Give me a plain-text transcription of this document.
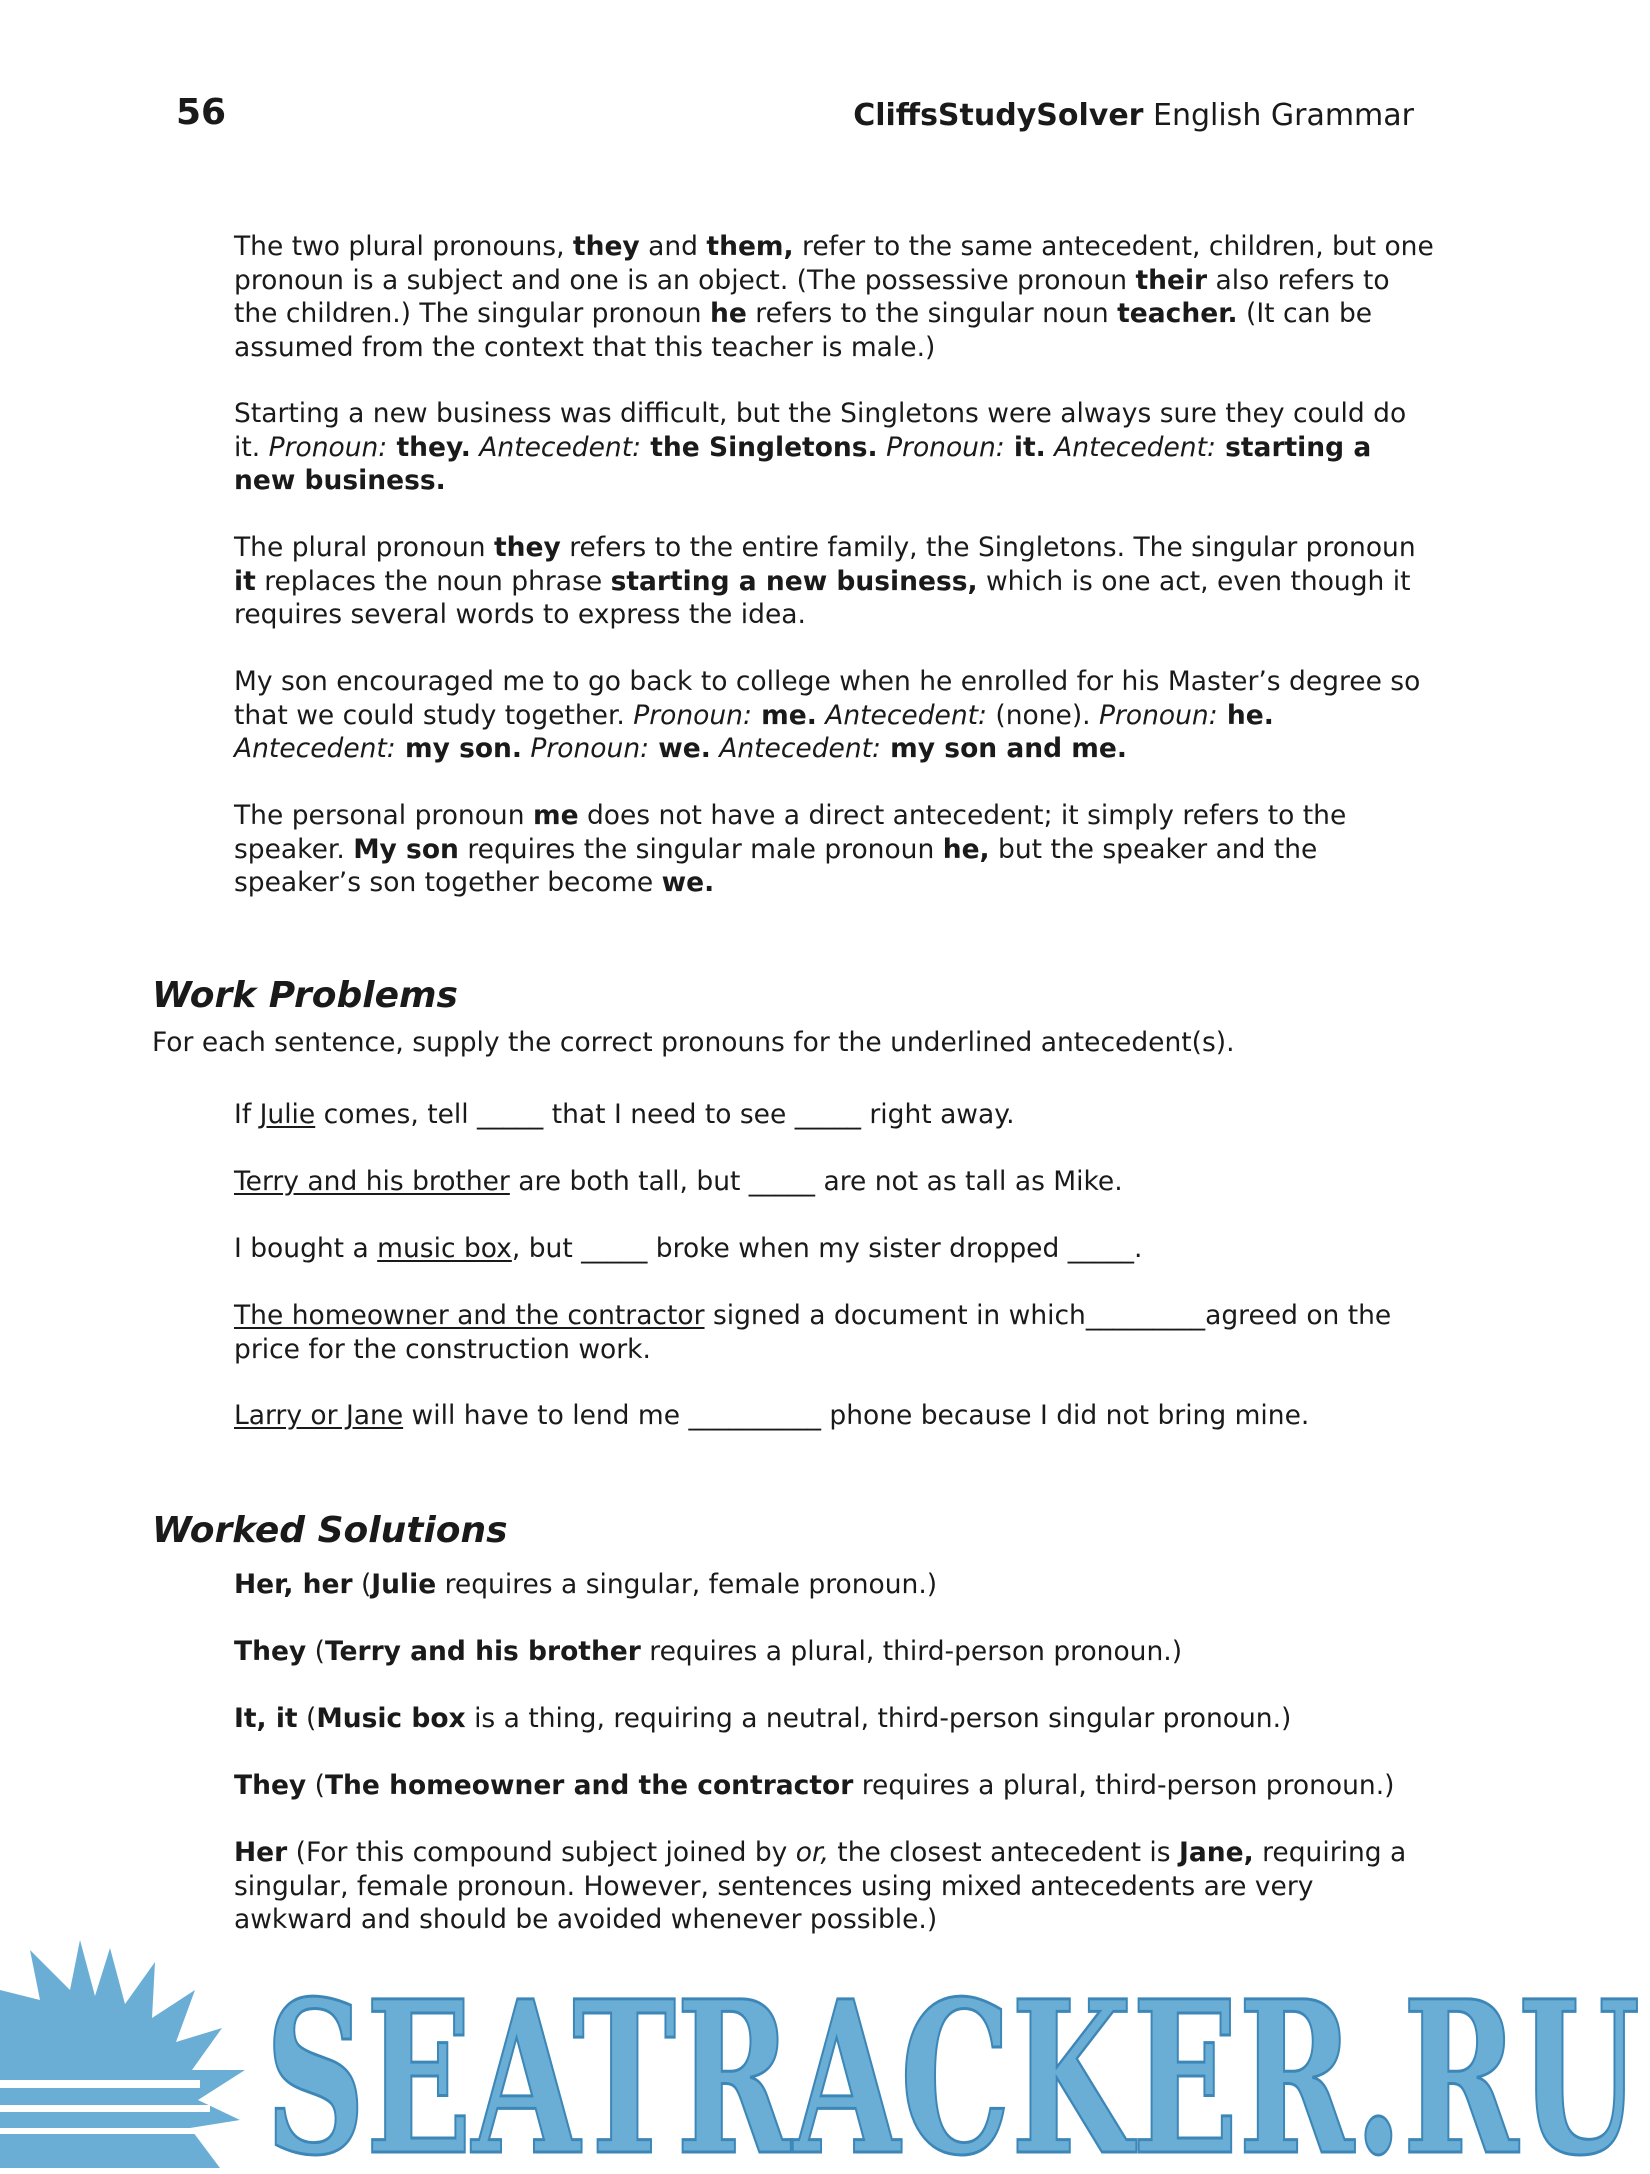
56	CliffsStudySolver English Grammar

The two plural pronouns, they and them, refer to the same antecedent, children, but one pronoun is a subject and one is an object. (The possessive pronoun their also refers to the children.) The singular pronoun he refers to the singular noun teacher. (It can be assumed from the context that this teacher is male.)

Starting a new business was difficult, but the Singletons were always sure they could do it. Pronoun: they. Antecedent: the Singletons. Pronoun: it. Antecedent: starting a new business.

The plural pronoun they refers to the entire family, the Singletons. The singular pronoun it replaces the noun phrase starting a new business, which is one act, even though it requires several words to express the idea.

My son encouraged me to go back to college when he enrolled for his Master’s degree so that we could study together. Pronoun: me. Antecedent: (none). Pronoun: he. Antecedent: my son. Pronoun: we. Antecedent: my son and me.

The personal pronoun me does not have a direct antecedent; it simply refers to the speaker. My son requires the singular male pronoun he, but the speaker and the speaker’s son together become we.

Work Problems
For each sentence, supply the correct pronouns for the underlined antecedent(s).

If Julie comes, tell _____ that I need to see _____ right away.

Terry and his brother are both tall, but _____ are not as tall as Mike.

I bought a music box, but _____ broke when my sister dropped _____.

The homeowner and the contractor signed a document in which_________agreed on the price for the construction work.

Larry or Jane will have to lend me __________ phone because I did not bring mine.

Worked Solutions

Her, her (Julie requires a singular, female pronoun.)

They (Terry and his brother requires a plural, third-person pronoun.)

It, it (Music box is a thing, requiring a neutral, third-person singular pronoun.)

They (The homeowner and the contractor requires a plural, third-person pronoun.)

Her (For this compound subject joined by or, the closest antecedent is Jane, requiring a singular, female pronoun. However, sentences using mixed antecedents are very awkward and should be avoided whenever possible.)

SEATRACKER.RU
